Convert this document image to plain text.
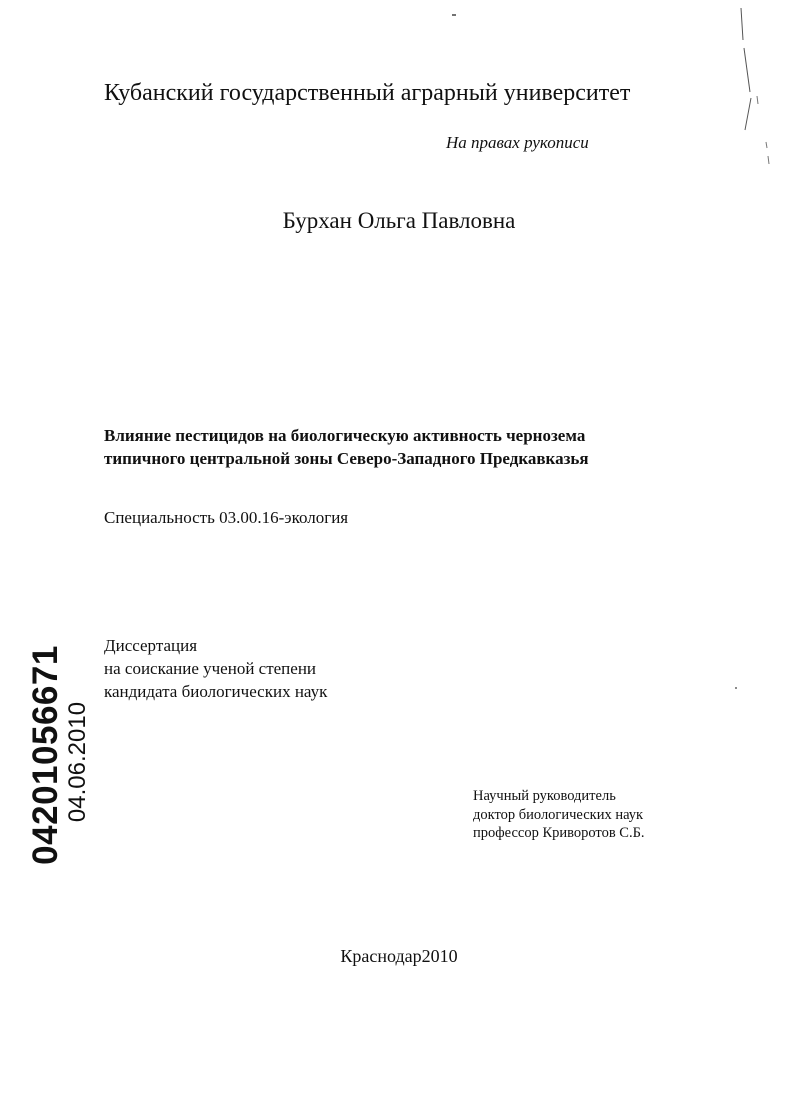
Кубанский государственный аграрный университет
На правах рукописи
Бурхан Ольга Павловна
Влияние пестицидов на биологическую активность чернозема
типичного центральной зоны Северо-Западного Предкавказья
Специальность 03.00.16-экология
Диссертация
на соискание ученой степени
кандидата биологических наук
Научный руководитель
доктор биологических наук
профессор Криворотов С.Б.
Краснодар2010
04201056671 04.06.2010
